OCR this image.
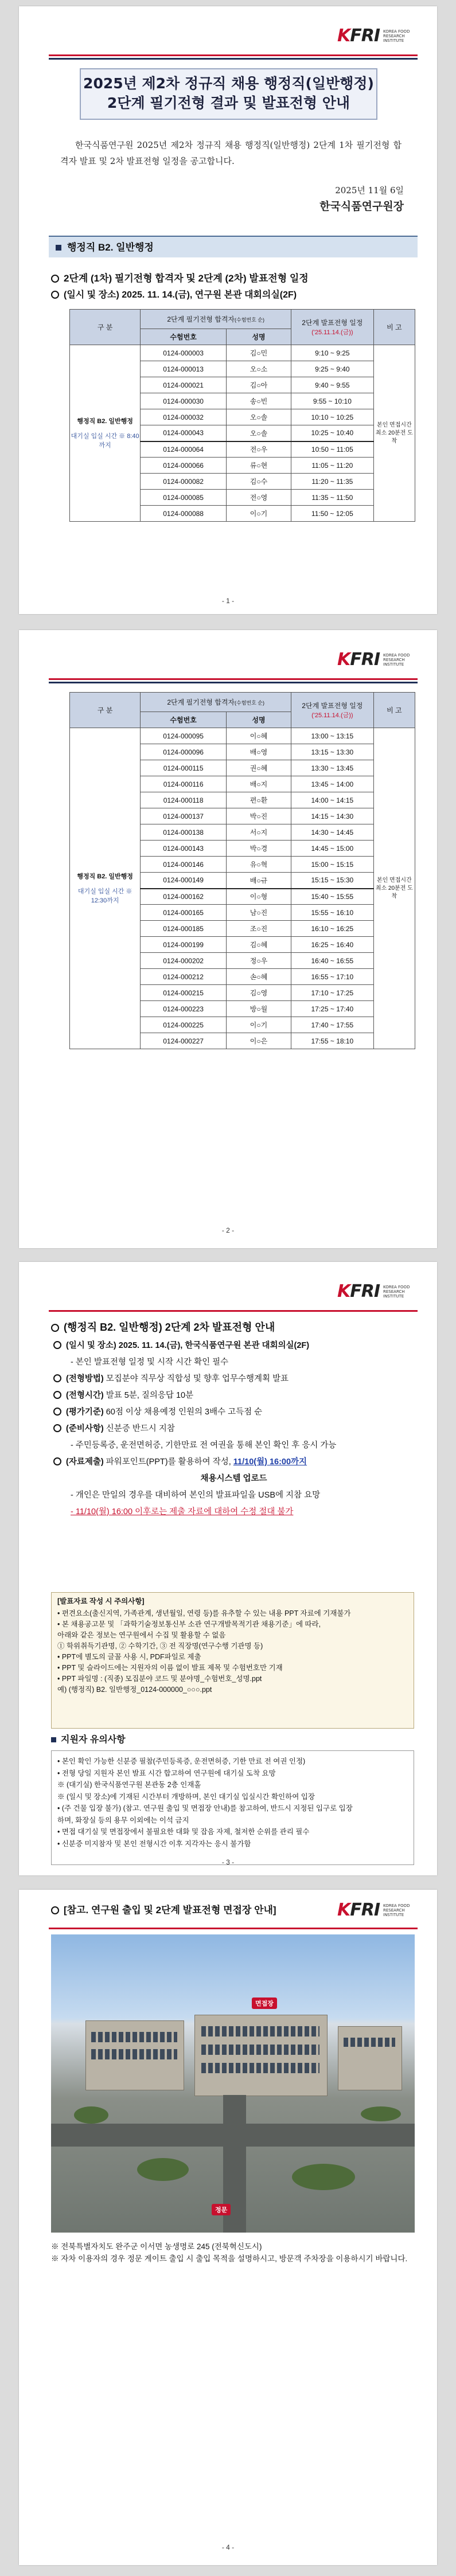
KFRI KOREA FOOD RESEARCH INSTITUTE
2025년 제2차 정규직 채용 행정직(일반행정)
2단계 필기전형 결과 및 발표전형 안내
한국식품연구원 2025년 제2차 정규직 채용 행정직(일반행정) 2단계 1차 필기전형 합격자 발표 및 2차 발표전형 일정을 공고합니다.
2025년 11월 6일
한국식품연구원장
행정직 B2. 일반행정
2단계 (1차) 필기전형 합격자 및 2단계 (2차) 발표전형 일정
(일시 및 장소) 2025. 11. 14.(금), 연구원 본관 대회의실(2F)
구 분	2단계 필기전형 합격자(수험번호 순)		2단계 발표전형 일정
('25.11.14.(금))	비 고
	수험번호	성명		

행정직 B2. 일반행정
대기실 입실 시간 ※ 8:40까지	0124-000003	김○민	9:10 ~ 9:25	본인 면접시간 최소 20분전 도착
	0124-000013	오○소	9:25 ~ 9:40	
	0124-000021	김○아	9:40 ~ 9:55	
	0124-000030	송○빈	9:55 ~ 10:10	
	0124-000032	오○솔	10:10 ~ 10:25	
	0124-000043	오○솔	10:25 ~ 10:40	
	0124-000064	전○우	10:50 ~ 11:05	
	0124-000066	류○현	11:05 ~ 11:20	
	0124-000082	김○수	11:20 ~ 11:35	
	0124-000085	전○영	11:35 ~ 11:50	
	0124-000088	이○기	11:50 ~ 12:05	
- 1 -
KFRI KOREA FOOD RESEARCH INSTITUTE
구 분	2단계 필기전형 합격자(수험번호 순)		2단계 발표전형 일정
('25.11.14.(금))	비 고
	수험번호	성명		

행정직 B2. 일반행정
대기실 입실 시간 ※ 12:30까지	0124-000095	이○혜	13:00 ~ 13:15	본인 면접시간 최소 20분전 도착
	0124-000096	배○영	13:15 ~ 13:30	
	0124-000115	권○혜	13:30 ~ 13:45	
	0124-000116	배○지	13:45 ~ 14:00	
	0124-000118	편○환	14:00 ~ 14:15	
	0124-000137	박○진	14:15 ~ 14:30	
	0124-000138	서○지	14:30 ~ 14:45	
	0124-000143	박○경	14:45 ~ 15:00	
	0124-000146	유○혁	15:00 ~ 15:15	
	0124-000149	배○규	15:15 ~ 15:30	
	0124-000162	이○형	15:40 ~ 15:55	
	0124-000165	남○진	15:55 ~ 16:10	
	0124-000185	조○진	16:10 ~ 16:25	
	0124-000199	김○혜	16:25 ~ 16:40	
	0124-000202	정○우	16:40 ~ 16:55	
	0124-000212	손○혜	16:55 ~ 17:10	
	0124-000215	김○영	17:10 ~ 17:25	
	0124-000223	방○월	17:25 ~ 17:40	
	0124-000225	이○기	17:40 ~ 17:55	
	0124-000227	이○은	17:55 ~ 18:10	
- 2 -
KFRI KOREA FOOD RESEARCH INSTITUTE
(행정직 B2. 일반행정) 2단계 2차 발표전형 안내
(일시 및 장소) 2025. 11. 14.(금), 한국식품연구원 본관 대회의실(2F)
- 본인 발표전형 일정 및 시작 시간 확인 필수
(전형방법) 모집분야 직무상 직합성 및 향후 업무수행계획 발표
(전형시간) 발표 5분, 질의응답 10분
(평가기준) 60점 이상 채용예정 인원의 3배수 고득점 순
(준비사항) 신분증 반드시 지참
- 주민등록증, 운전면허증, 기한만료 전 여권을 통해 본인 확인 후 응시 가능
(자료제출) 파워포인트(PPT)를 활용하여 작성, 11/10(월) 16:00까지
채용시스템 업로드
- 개인은 만일의 경우를 대비하여 본인의 발표파일을 USB에 지참 요망
- 11/10(월) 16:00 이후로는 제출 자료에 대하여 수정 절대 불가
[발표자료 작성 시 주의사항]
• 편견요소(출신지역, 가족관계, 생년월일, 연령 등)를 유추할 수 있는 내용 PPT 자료에 기재불가
• 본 채용공고문 및 「과학기술정보통신부 소관 연구개발목적기관 채용기준」에 따라,
아래와 같은 정보는 연구원에서 수집 및 활용할 수 없음
① 학위취득기관명, ② 수학기간, ③ 전 직장명(연구수행 기관명 등)
• PPT에 별도의 글꼴 사용 시, PDF파일로 제출
• PPT 및 슬라이드에는 지원자의 이름 없이 발표 제목 및 수험번호만 기재
• PPT 파일명 : (직종) 모집분야 코드 및 분야명_수험번호_성명.ppt
예) (행정직) B2. 일반행정_0124-000000_○○○.ppt
지원자 유의사항
• 본인 확인 가능한 신분증 필참(주민등록증, 운전면허증, 기한 만료 전 여권 인정)
• 전형 당일 지원자 본인 발표 시간 합고하여 연구원에 대기실 도착 요망
※ (대기실) 한국식품연구원 본관동 2층 인재홀
※ (일시 및 장소)에 기재된 시간부터 개방하며, 본인 대기실 입실시간 확인하여 입장
• (주 건물 입장 불가) (참고. 연구원 출입 및 면접장 안내)를 참고하여, 반드시 지정된 입구로 입장
하며, 화장실 등의 용무 이외에는 이석 금지
• 면접 대기실 및 면접장에서 불필요한 대화 및 잡음 자제, 철저한 순위를 관리 필수
• 신분증 미지참자 및 본인 전형시간 이후 지각자는 응시 불가함
- 3 -
KFRI KOREA FOOD RESEARCH INSTITUTE
[참고. 연구원 출입 및 2단계 발표전형 면접장 안내]
면접장
정문
※ 전북특별자치도 완주군 이서면 농생명로 245 (전북혁신도시)
※ 자차 이용자의 경우 정문 게이트 출입 시 출입 목적을 설명하시고, 방문객 주차장을 이용하시기 바랍니다.
- 4 -
